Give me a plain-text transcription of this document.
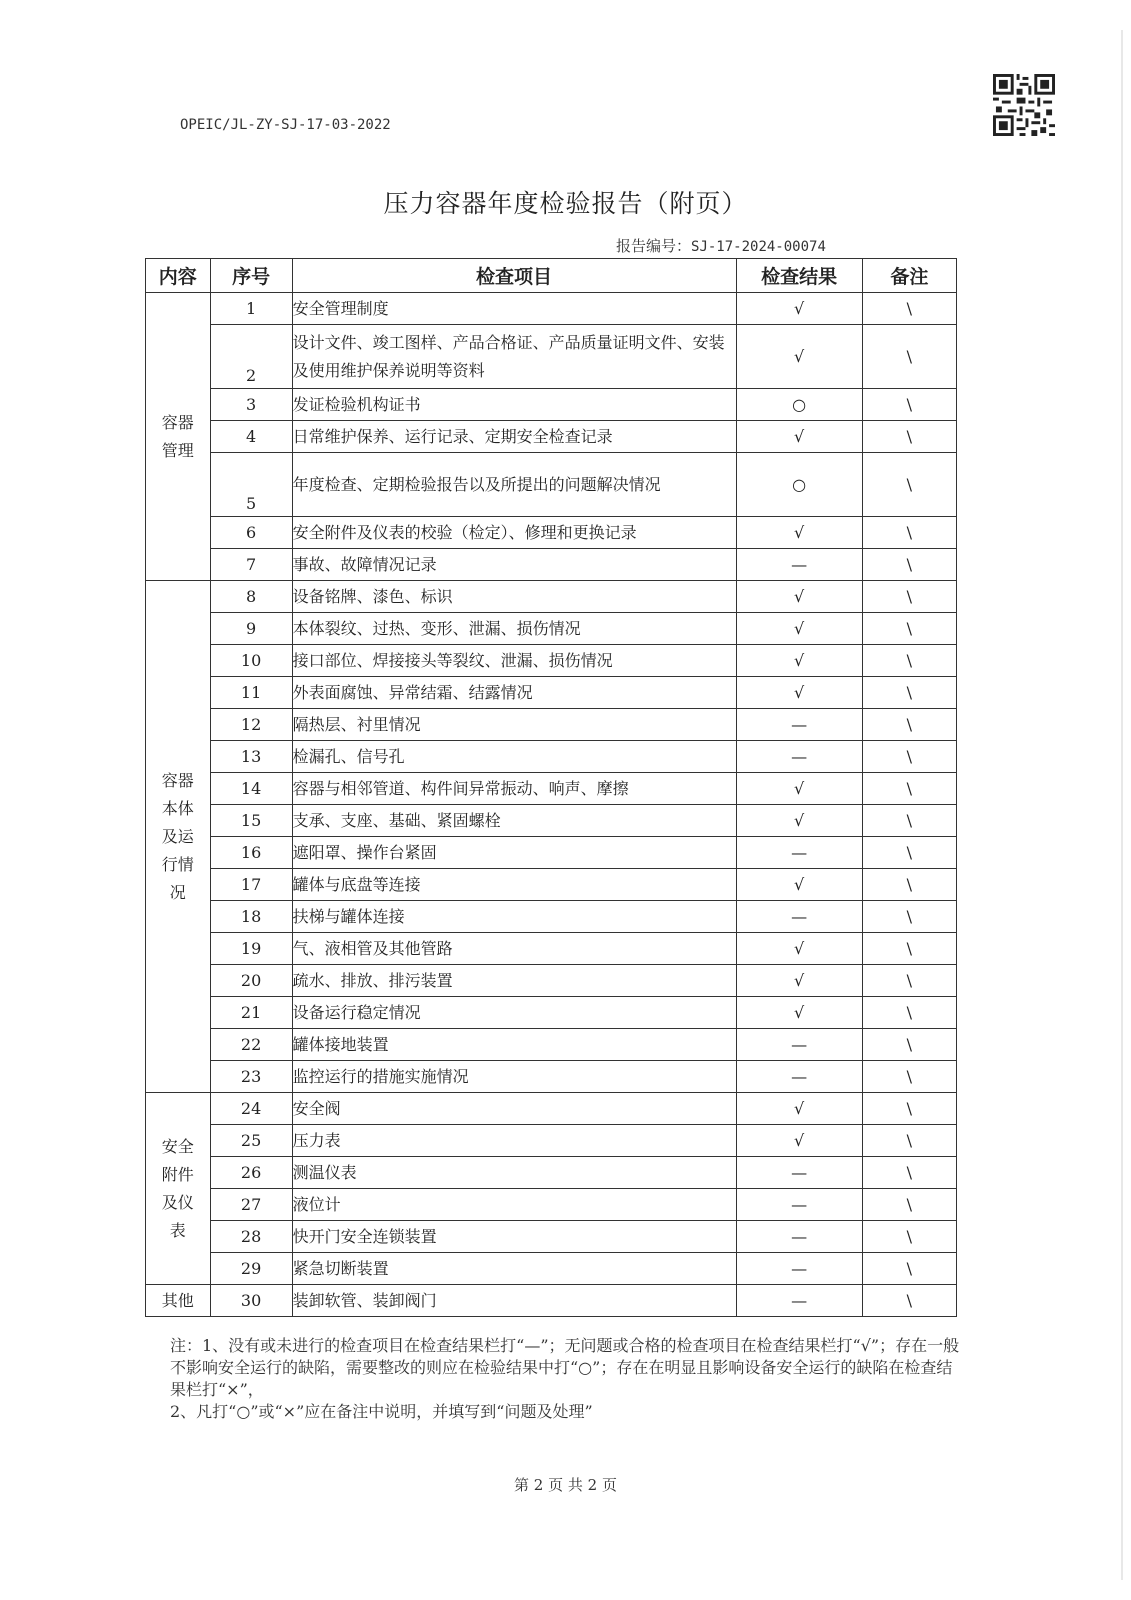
OPEIC/JL-ZY-SJ-17-03-2022
压力容器年度检验报告（附页）
报告编号：SJ-17-2024-00074
内容	序号	检查项目	检查结果	备注
容器管理	1	安全管理制度	√	\
	2	设计文件、竣工图样、产品合格证、产品质量证明文件、安装及使用维护保养说明等资料	√	\
	3	发证检验机构证书	○	\
	4	日常维护保养、运行记录、定期安全检查记录	√	\
	5	年度检查、定期检验报告以及所提出的问题解决情况	○	\
	6	安全附件及仪表的校验（检定）、修理和更换记录	√	\
	7	事故、故障情况记录	—	\
容器本体及运行情况	8	设备铭牌、漆色、标识	√	\
	9	本体裂纹、过热、变形、泄漏、损伤情况	√	\
	10	接口部位、焊接接头等裂纹、泄漏、损伤情况	√	\
	11	外表面腐蚀、异常结霜、结露情况	√	\
	12	隔热层、衬里情况	—	\
	13	检漏孔、信号孔	—	\
	14	容器与相邻管道、构件间异常振动、响声、摩擦	√	\
	15	支承、支座、基础、紧固螺栓	√	\
	16	遮阳罩、操作台紧固	—	\
	17	罐体与底盘等连接	√	\
	18	扶梯与罐体连接	—	\
	19	气、液相管及其他管路	√	\
	20	疏水、排放、排污装置	√	\
	21	设备运行稳定情况	√	\
	22	罐体接地装置	—	\
	23	监控运行的措施实施情况	—	\
安全附件及仪表	24	安全阀	√	\
	25	压力表	√	\
	26	测温仪表	—	\
	27	液位计	—	\
	28	快开门安全连锁装置	—	\
	29	紧急切断装置	—	\
其他	30	装卸软管、装卸阀门	—	\

注：1、没有或未进行的检查项目在检查结果栏打“—”；无问题或合格的检查项目在检查结果栏打“√”；存在一般不影响安全运行的缺陷，需要整改的则应在检验结果中打“○”；存在在明显且影响设备安全运行的缺陷在检查结果栏打“×”，

2、凡打“○”或“×”应在备注中说明，并填写到“问题及处理”

第 2 页 共 2 页
